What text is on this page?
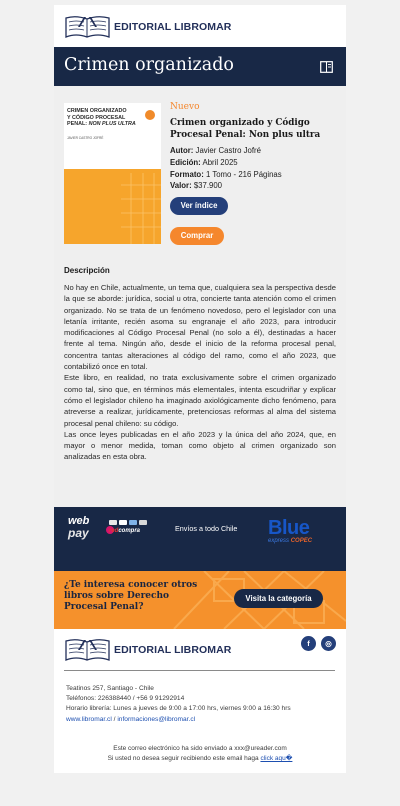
EDITORIAL LIBROMAR
Crimen organizado
CRIMEN ORGANIZADO
Y CÓDIGO PROCESAL
PENAL: NON PLUS ULTRA
JAVIER CASTRO JOFRÉ
Nuevo
Crimen organizado y Código Procesal Penal: Non plus ultra
Autor: Javier Castro Jofré
Edición: Abril 2025
Formato: 1 Tomo - 216 Páginas
Valor: $37.900
Ver índice
Comprar
Descripción

No hay en Chile, actualmente, un tema que, cualquiera sea la perspectiva desde la que se aborde: jurídica, social u otra, concierte tanta atención como el crimen organizado. No se trata de un fenómeno novedoso, pero el legislador con una letanía irritante, recién asoma su engranaje el año 2023, para introducir modificaciones al Código Procesal Penal (no solo a él), destinadas a hacer frente al tema. Ningún año, desde el inicio de la reforma procesal penal, concentra tantas alteraciones al código del ramo, como el año 2023, que contabilizó once en total.

Este libro, en realidad, no trata exclusivamente sobre el crimen organizado como tal, sino que, en términos más elementales, intenta escudriñar y explicar cómo el legislador chileno ha imaginado axiológicamente dicho fenómeno, para atreverse a realizar, jurídicamente, pretenciosas reformas al alma del sistema procesal penal chileno: su código.

Las once leyes publicadas en el año 2023 y la única del año 2024, que, en mayor o menor medida, toman como objeto al crimen organizado son analizadas en esta obra.

web
pay	redcompra	Envíos a todo Chile Blue
express COPEC
¿Te interesa conocer otros libros sobre Derecho Procesal Penal?
Visita la categoría
EDITORIAL LIBROMAR
f	◎
Teatinos 257, Santiago - Chile
Teléfonos: 226388440 / +56 9 91292914
Horario librería: Lunes a jueves de 9:00 a 17:00 hrs, viernes 9:00 a 16:30 hrs
www.libromar.cl / informaciones@libromar.cl
Este correo electrónico ha sido enviado a xxx@ureader.com
Si usted no desea seguir recibiendo este email haga click aqu�
